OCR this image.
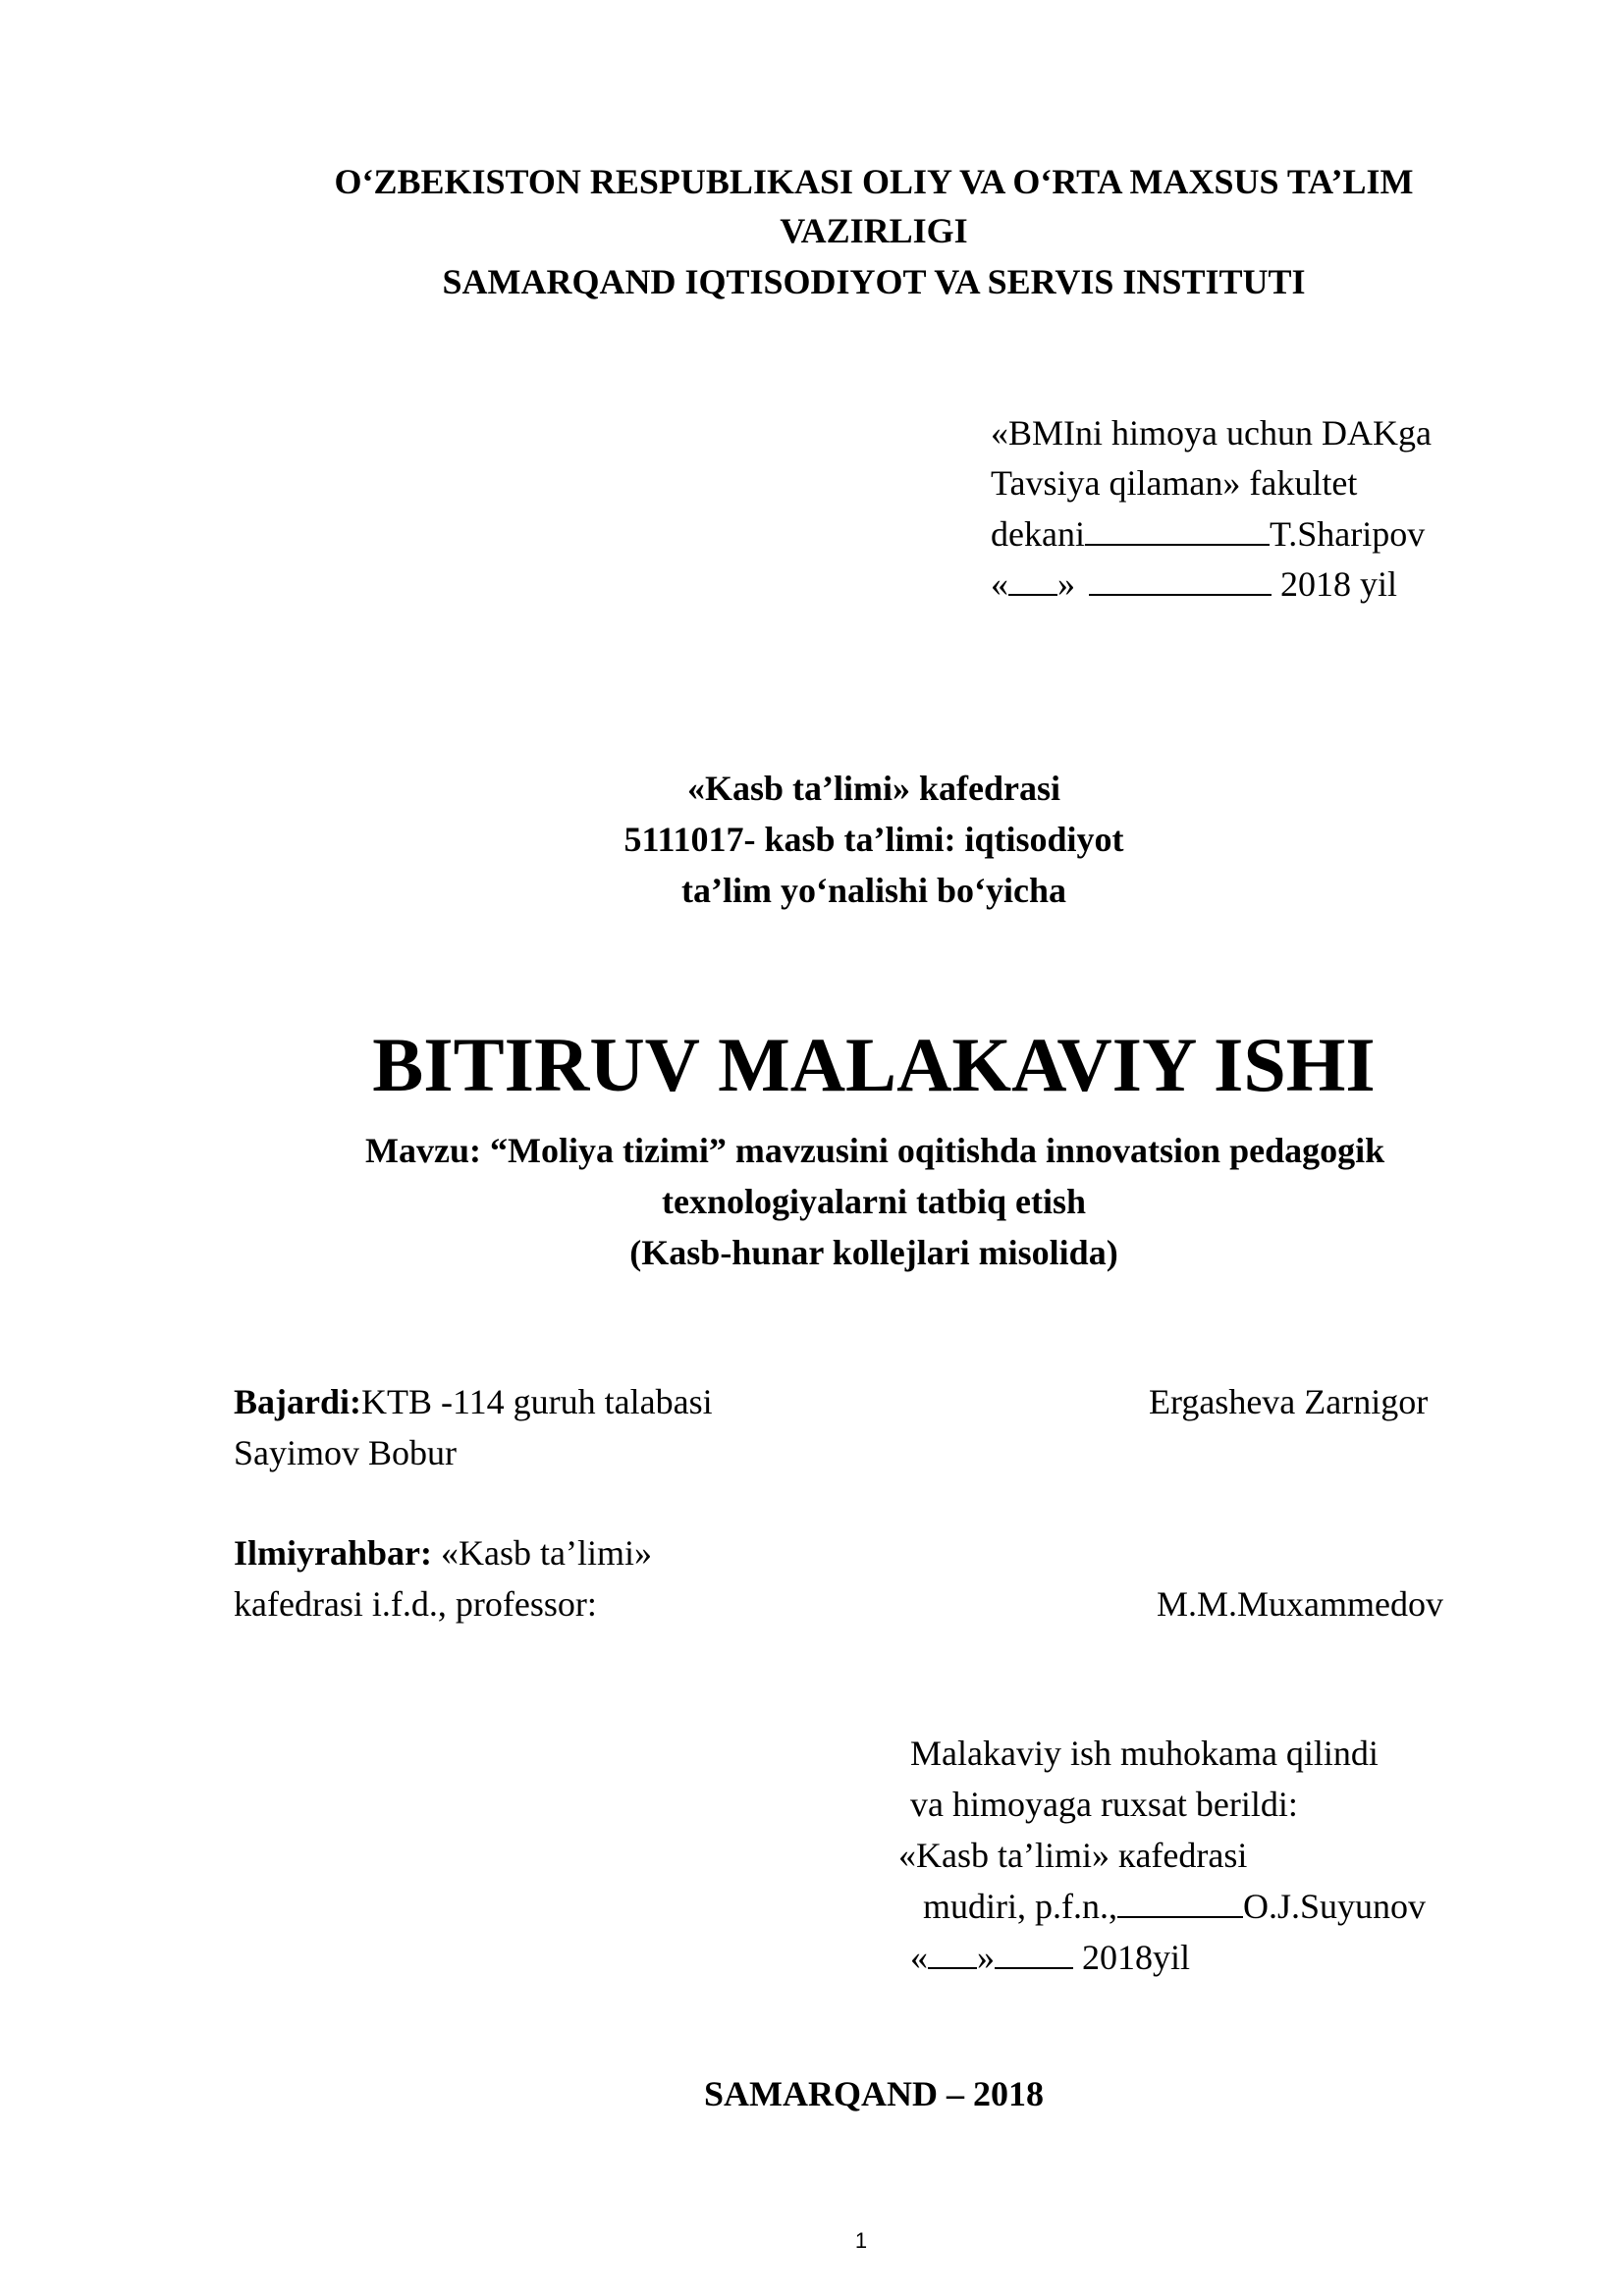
O‘ZBEKISTON RESPUBLIKASI OLIY VA O‘RTA MAXSUS TA’LIM
VAZIRLIGI
SAMARQAND IQTISODIYOT VA SERVIS INSTITUTI
«BMIni himoya uchun DAKga
Tavsiya qilaman» fakultet
dekani	T.Sharipov
« »	2018 yil
«Kasb ta’limi» kafedrasi
5111017- kasb ta’limi: iqtisodiyot
ta’lim yo‘nalishi bo‘yicha
BITIRUV MALAKAVIY ISHI
Mavzu: “Moliya tizimi” mavzusini oqitishda innovatsion pedagogik
texnologiyalarni tatbiq etish
(Kasb-hunar kollejlari misolida)
Bajardi:KTB -114 guruh talabasi	Ergasheva Zarnigor
Sayimov Bobur
Ilmiyrahbar: «Kasb ta’limi»
kafedrasi i.f.d., professor:	M.M.Muxammedov
Malakaviy ish muhokama qilindi
va himoyaga ruxsat berildi:
«Kasb ta’limi» кafedrasi
mudiri, p.f.n.,	O.J.Suyunov
« » 2018yil
SAMARQAND – 2018
1
